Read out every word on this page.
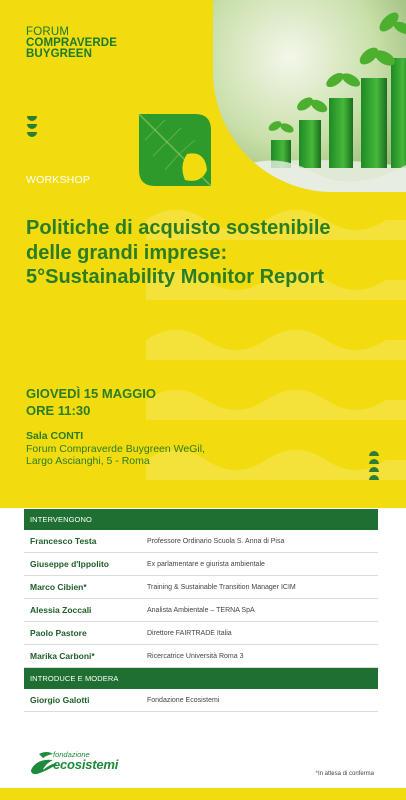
FORUM
COMPRAVERDE
BUYGREEN
WORKSHOP
Politiche di acquisto sostenibile
delle grandi imprese:
5°Sustainability Monitor Report
GIOVEDÌ 15 MAGGIO
ORE 11:30
Sala CONTI
Forum Compraverde Buygreen WeGil,
Largo Ascianghi, 5 - Roma
INTERVENGONO
Francesco Testa	Professore Ordinario Scuola S. Anna di Pisa
Giuseppe d'Ippolito	Ex parlamentare e giurista ambientale
Marco Cibien*	Training & Sustainable Transition Manager ICIM
Alessia Zoccali	Analista Ambientale – TERNA SpA
Paolo Pastore	Direttore FAIRTRADE Italia
Marika Carboni*	Ricercatrice Università Roma 3
INTRODUCE E MODERA
Giorgio Galotti	Fondazione Ecosistemi
fondazione
ecosistemi
*In attesa di conferma
